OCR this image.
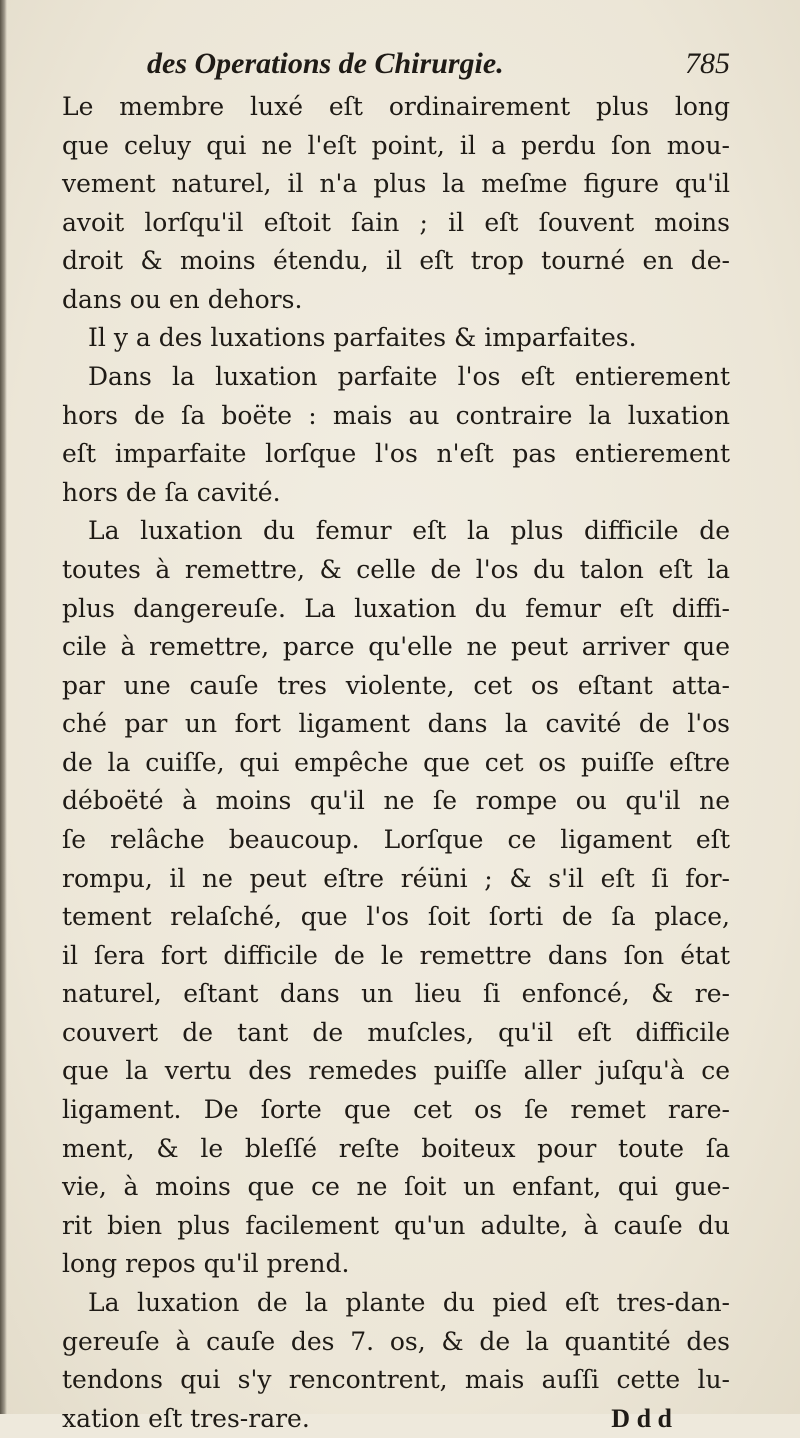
des Operations de Chirurgie.	785
Le membre luxé eſt ordinairement plus long
que celuy qui ne l'eſt point, il a perdu ſon mou-
vement naturel, il n'a plus la meſme figure qu'il
avoit lorſqu'il eſtoit ſain ; il eſt ſouvent moins
droit & moins étendu, il eſt trop tourné en de-
dans ou en dehors.
Il y a des luxations parfaites & imparfaites.
Dans la luxation parfaite l'os eſt entierement
hors de ſa boëte : mais au contraire la luxation
eſt imparfaite lorſque l'os n'eſt pas entierement
hors de ſa cavité.
La luxation du femur eſt la plus difficile de
toutes à remettre, & celle de l'os du talon eſt la
plus dangereuſe. La luxation du femur eſt diffi-
cile à remettre, parce qu'elle ne peut arriver que
par une cauſe tres violente, cet os eſtant atta-
ché par un fort ligament dans la cavité de l'os
de la cuiſſe, qui empêche que cet os puiſſe eſtre
déboëté à moins qu'il ne ſe rompe ou qu'il ne
ſe relâche beaucoup. Lorſque ce ligament eſt
rompu, il ne peut eſtre réüni ; & s'il eſt ſi for-
tement relaſché, que l'os ſoit ſorti de ſa place,
il ſera fort difficile de le remettre dans ſon état
naturel, eſtant dans un lieu ſi enfoncé, & re-
couvert de tant de muſcles, qu'il eſt difficile
que la vertu des remedes puiſſe aller juſqu'à ce
ligament. De ſorte que cet os ſe remet rare-
ment, & le bleſſé reſte boiteux pour toute ſa
vie, à moins que ce ne ſoit un enfant, qui gue-
rit bien plus facilement qu'un adulte, à cauſe du
long repos qu'il prend.
La luxation de la plante du pied eſt tres-dan-
gereuſe à cauſe des 7. os, & de la quantité des
tendons qui s'y rencontrent, mais auſſi cette lu-
xation eſt tres-rare.	D d d
